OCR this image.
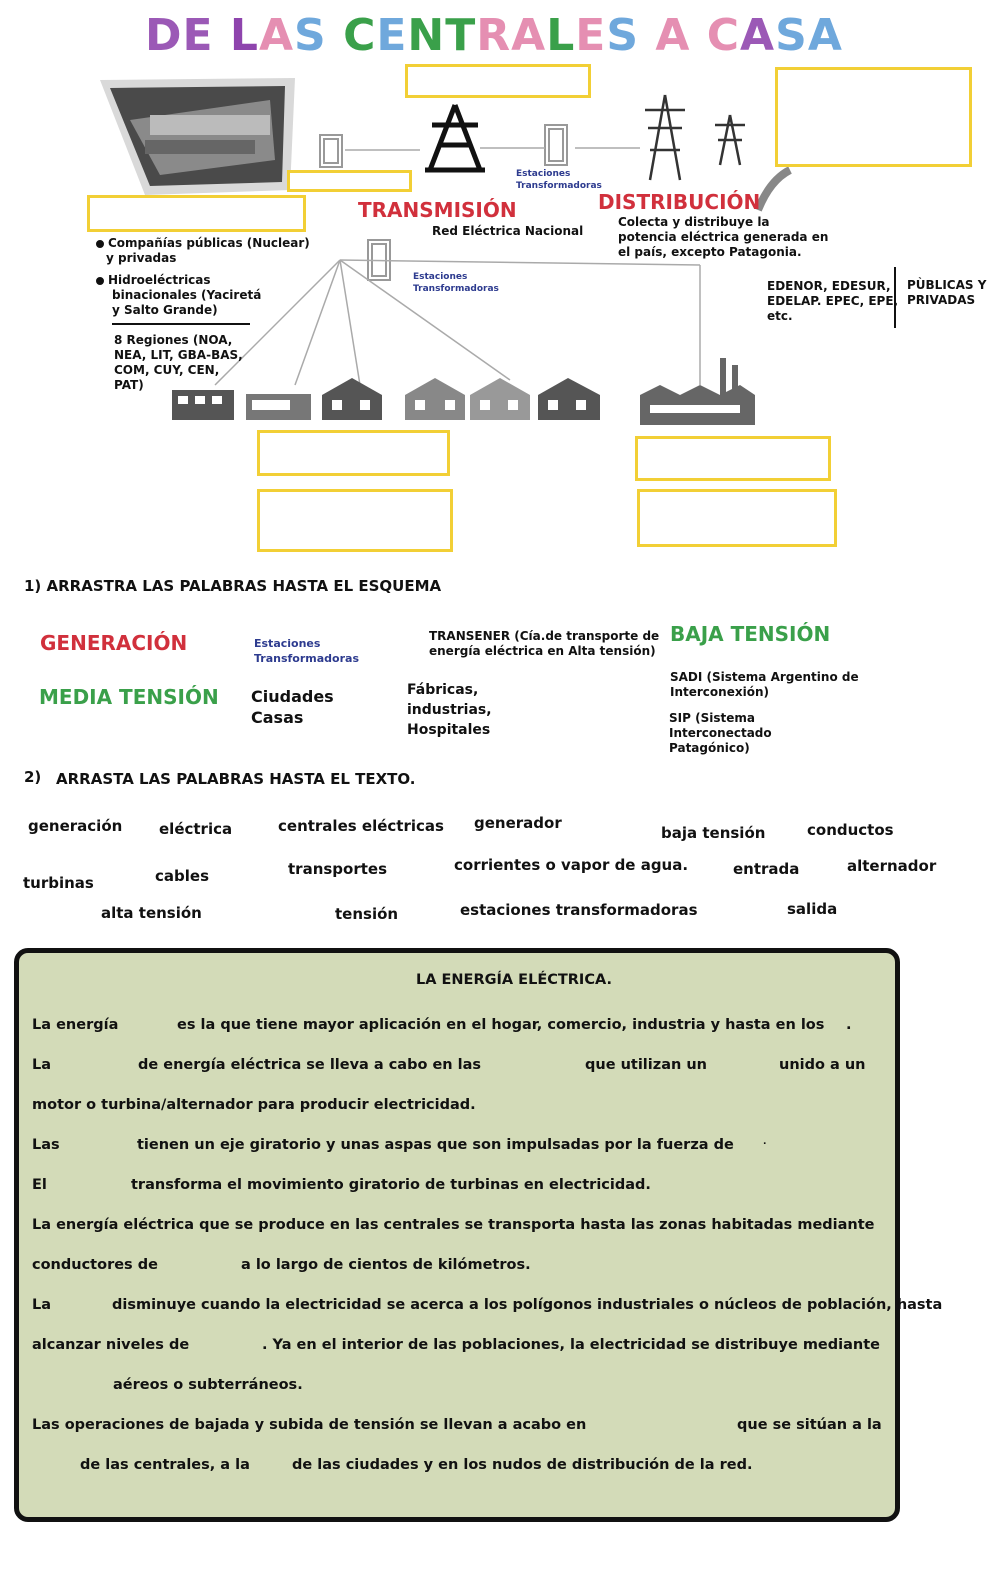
DE LAS CENTRALES A CASA
TRANSMISIÓN
Red Eléctrica Nacional
DISTRIBUCIÓN
Colecta y distribuye la
potencia eléctrica generada en
el país, excepto Patagonia.
Estaciones
Transformadoras
Estaciones
Transformadoras
Compañías públicas (Nuclear)
y privadas
Hidroeléctricas
binacionales (Yaciretá
y Salto Grande)
8 Regiones (NOA,
NEA, LIT, GBA-BAS,
COM, CUY, CEN,
PAT)
EDENOR, EDESUR,
EDELAP. EPEC, EPE,
etc.
PÙBLICAS Y
PRIVADAS
1) ARRASTRA LAS PALABRAS HASTA EL ESQUEMA
GENERACIÓN	Estaciones
Transformadoras
TRANSENER (Cía.de transporte de
energía eléctrica en Alta tensión)
BAJA TENSIÓN
MEDIA TENSIÓN Ciudades
Casas
Fábricas,
industrias,
Hospitales
SADI (Sistema Argentino de
Interconexión)
SIP (Sistema
Interconectado
Patagónico)
2) ARRASTA LAS PALABRAS HASTA EL TEXTO.
generación eléctrica	centrales eléctricas generador
baja tensión	conductos
turbinas	cables	transportes	corrientes o vapor de agua.	entrada	alternador
alta tensión	tensión	estaciones transformadoras	salida
LA ENERGÍA ELÉCTRICA.
La energía	es la que tiene mayor aplicación en el hogar, comercio, industria y hasta en los .
La	de energía eléctrica se lleva a cabo en las	que utilizan un	unido a un
motor o turbina/alternador para producir electricidad.
Las	tienen un eje giratorio y unas aspas que son impulsadas por la fuerza de	.
El	transforma el movimiento giratorio de turbinas en electricidad.
La energía eléctrica que se produce en las centrales se transporta hasta las zonas habitadas mediante
conductores de	a lo largo de cientos de kilómetros.
La	disminuye cuando la electricidad se acerca a los polígonos industriales o núcleos de población, hasta
alcanzar niveles de	. Ya en el interior de las poblaciones, la electricidad se distribuye mediante
aéreos o subterráneos.
Las operaciones de bajada y subida de tensión se llevan a acabo en	que se sitúan a la
de las centrales, a la	de las ciudades y en los nudos de distribución de la red.
